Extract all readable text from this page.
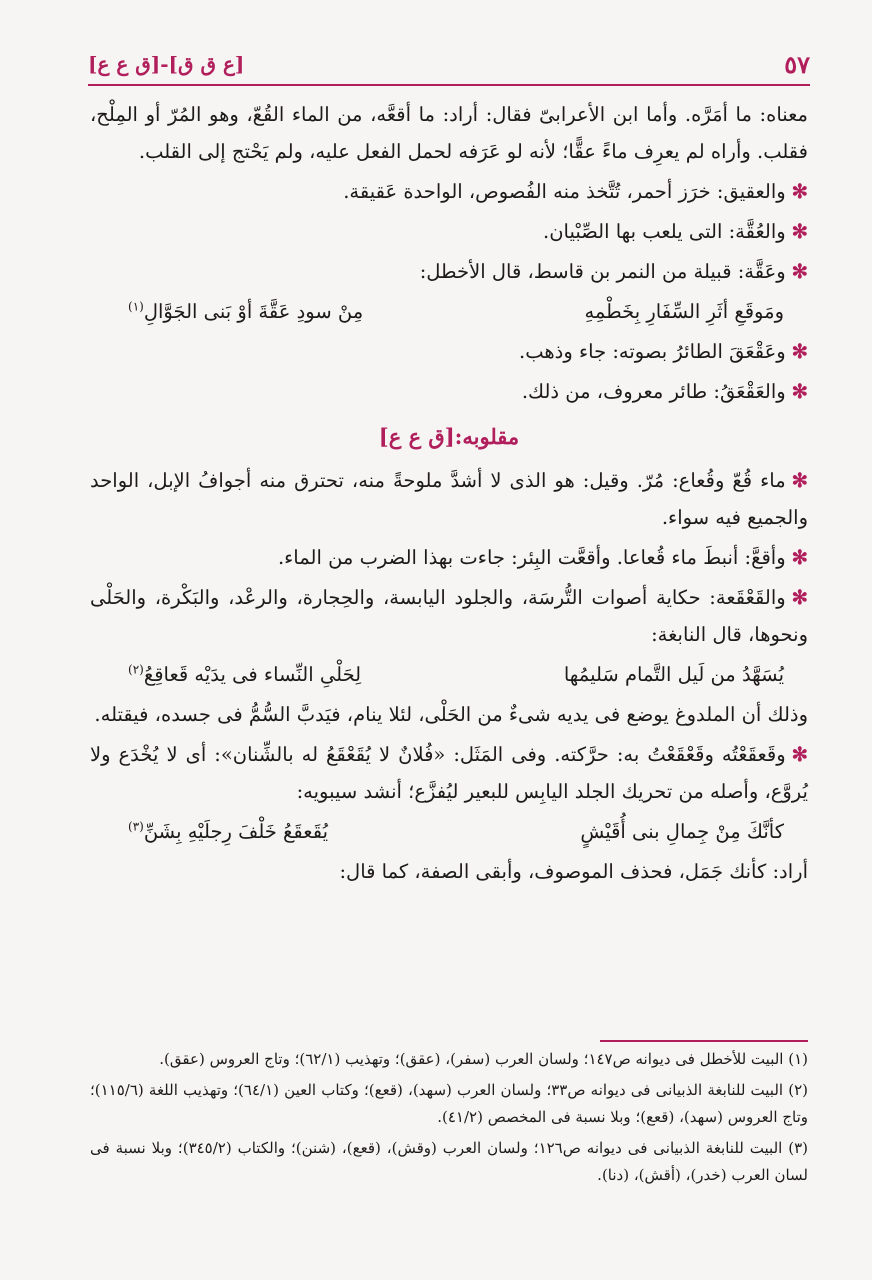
[ع ق ق]-[ق ع ع]	٥٧

معناه: ما أمَرَّه. وأما ابن الأعرابىّ فقال: أراد: ما أقعَّه، من الماء القُعّ، وهو المُرّ أو المِلْح، فقلب. وأراه لم يعرِف ماءً عقًّا؛ لأنه لو عَرَفه لحمل الفعل عليه، ولم يَحْتج إلى القلب.

✻والعقيق: خرَز أحمر، تُتَّخذ منه الفُصوص، الواحدة عَقيقة.

✻والعُقَّة: التى يلعب بها الصِّبْيان.

✻وعَقَّة: قبيلة من النمر بن قاسط، قال الأخطل:

ومَوقَعِ أثَرِ السِّفَارِ بِخَطْمِهِ
مِنْ سودِ عَقَّةَ أوْ بَنى الجَوَّالِ$^{(١)}$

✻وعَقْعَقَ الطائرُ بصوته: جاء وذهب.

✻والعَقْعَقُ: طائر معروف، من ذلك.

مقلوبه:[ق ع ع]

✻ماء قُعّ وقُعاع: مُرّ. وقيل: هو الذى لا أشدَّ ملوحةً منه، تحترق منه أجوافُ الإبل، الواحد والجميع فيه سواء.

✻وأقعَّ: أنبطَ ماء قُعاعا. وأقعَّت البِئر: جاءت بهذا الضرب من الماء.

✻والقَعْقَعة: حكاية أصوات التُّرسَة، والجلود اليابسة، والحِجارة، والرعْد، والبَكْرة، والحَلْى ونحوها، قال النابغة:

يُسَهَّدُ من لَيل التَّمام سَليمُها
لِحَلْىِ النِّساء فى يدَيْه قَعاقِعُ$^{(٢)}$

وذلك أن الملدوغ يوضع فى يديه شىءٌ من الحَلْى، لئلا ينام، فيَدبَّ السُّمُّ فى جسده، فيقتله.

✻وقَعقَعْتُه وقَعْقَعْتُ به: حرَّكته. وفى المَثَل: «فُلانٌ لا يُقَعْقَعُ له بالشِّنان»: أى لا يُخْدَع ولا يُروَّع، وأصله من تحريك الجلد اليابِس للبعير ليُفزَّع؛ أنشد سيبويه:

كأنَّكَ مِنْ جِمالِ بنى أُقَيْشٍ
يُقَعقَعُ خَلْفَ رِجلَيْهِ بِشَنِّ$^{(٣)}$

أراد: كأنك جَمَل، فحذف الموصوف، وأبقى الصفة، كما قال:

(١) البيت للأخطل فى ديوانه ص١٤٧؛ ولسان العرب (سفر)، (عقق)؛ وتهذيب (٦٢/١)؛ وتاج العروس (عقق).

(٢) البيت للنابغة الذبيانى فى ديوانه ص٣٣؛ ولسان العرب (سهد)، (قعع)؛ وكتاب العين (٦٤/١)؛ وتهذيب اللغة (١١٥/٦)؛ وتاج العروس (سهد)، (قعع)؛ وبلا نسبة فى المخصص (٤١/٢).

(٣) البيت للنابغة الذبيانى فى ديوانه ص١٢٦؛ ولسان العرب (وقش)، (قعع)، (شنن)؛ والكتاب (٣٤٥/٢)؛ وبلا نسبة فى لسان العرب (خدر)، (أقش)، (دنا).
